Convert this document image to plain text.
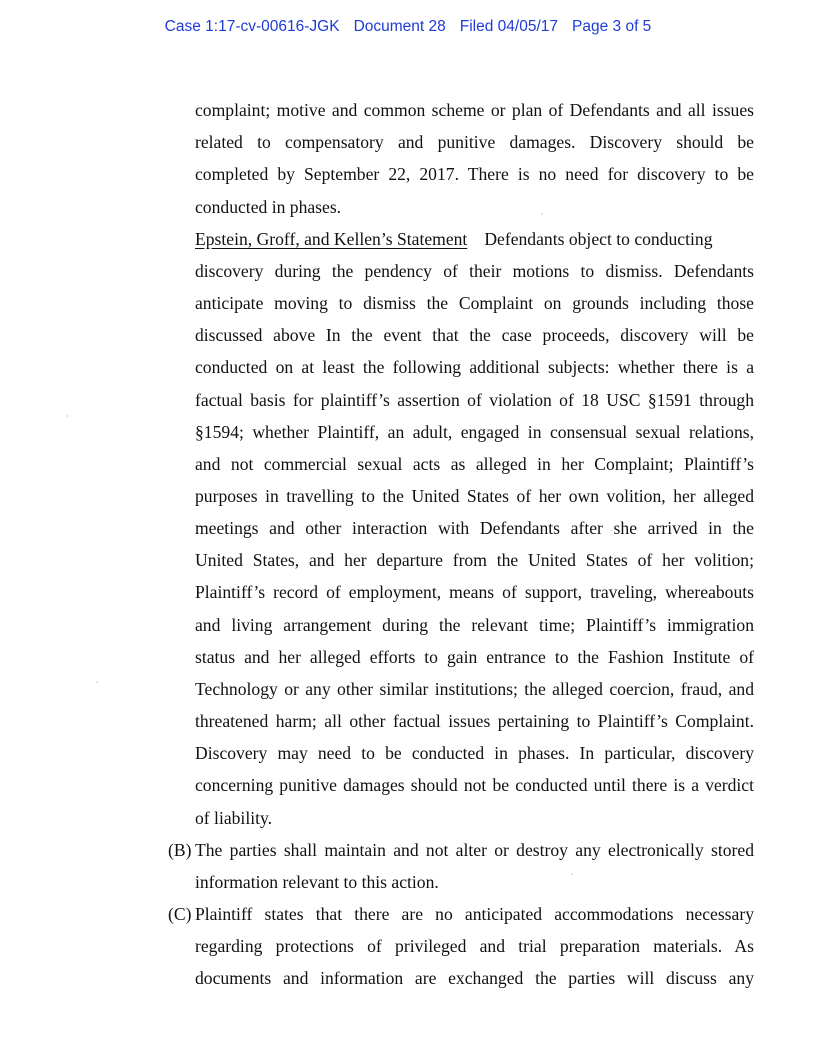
Case 1:17-cv-00616-JGK Document 28 Filed 04/05/17 Page 3 of 5
complaint; motive and common scheme or plan of Defendants and all issues
related to compensatory and punitive damages. Discovery should be
completed by September 22, 2017. There is no need for discovery to be
conducted in phases.
Epstein, Groff, and Kellen’s Statement Defendants object to conducting
discovery during the pendency of their motions to dismiss. Defendants
anticipate moving to dismiss the Complaint on grounds including those
discussed above In the event that the case proceeds, discovery will be
conducted on at least the following additional subjects: whether there is a
factual basis for plaintiff’s assertion of violation of 18 USC §1591 through
§1594; whether Plaintiff, an adult, engaged in consensual sexual relations,
and not commercial sexual acts as alleged in her Complaint; Plaintiff’s
purposes in travelling to the United States of her own volition, her alleged
meetings and other interaction with Defendants after she arrived in the
United States, and her departure from the United States of her volition;
Plaintiff’s record of employment, means of support, traveling, whereabouts
and living arrangement during the relevant time; Plaintiff’s immigration
status and her alleged efforts to gain entrance to the Fashion Institute of
Technology or any other similar institutions; the alleged coercion, fraud, and
threatened harm; all other factual issues pertaining to Plaintiff’s Complaint.
Discovery may need to be conducted in phases. In particular, discovery
concerning punitive damages should not be conducted until there is a verdict
of liability.
(B) The parties shall maintain and not alter or destroy any electronically stored
information relevant to this action.
(C) Plaintiff states that there are no anticipated accommodations necessary
regarding protections of privileged and trial preparation materials. As
documents and information are exchanged the parties will discuss any
